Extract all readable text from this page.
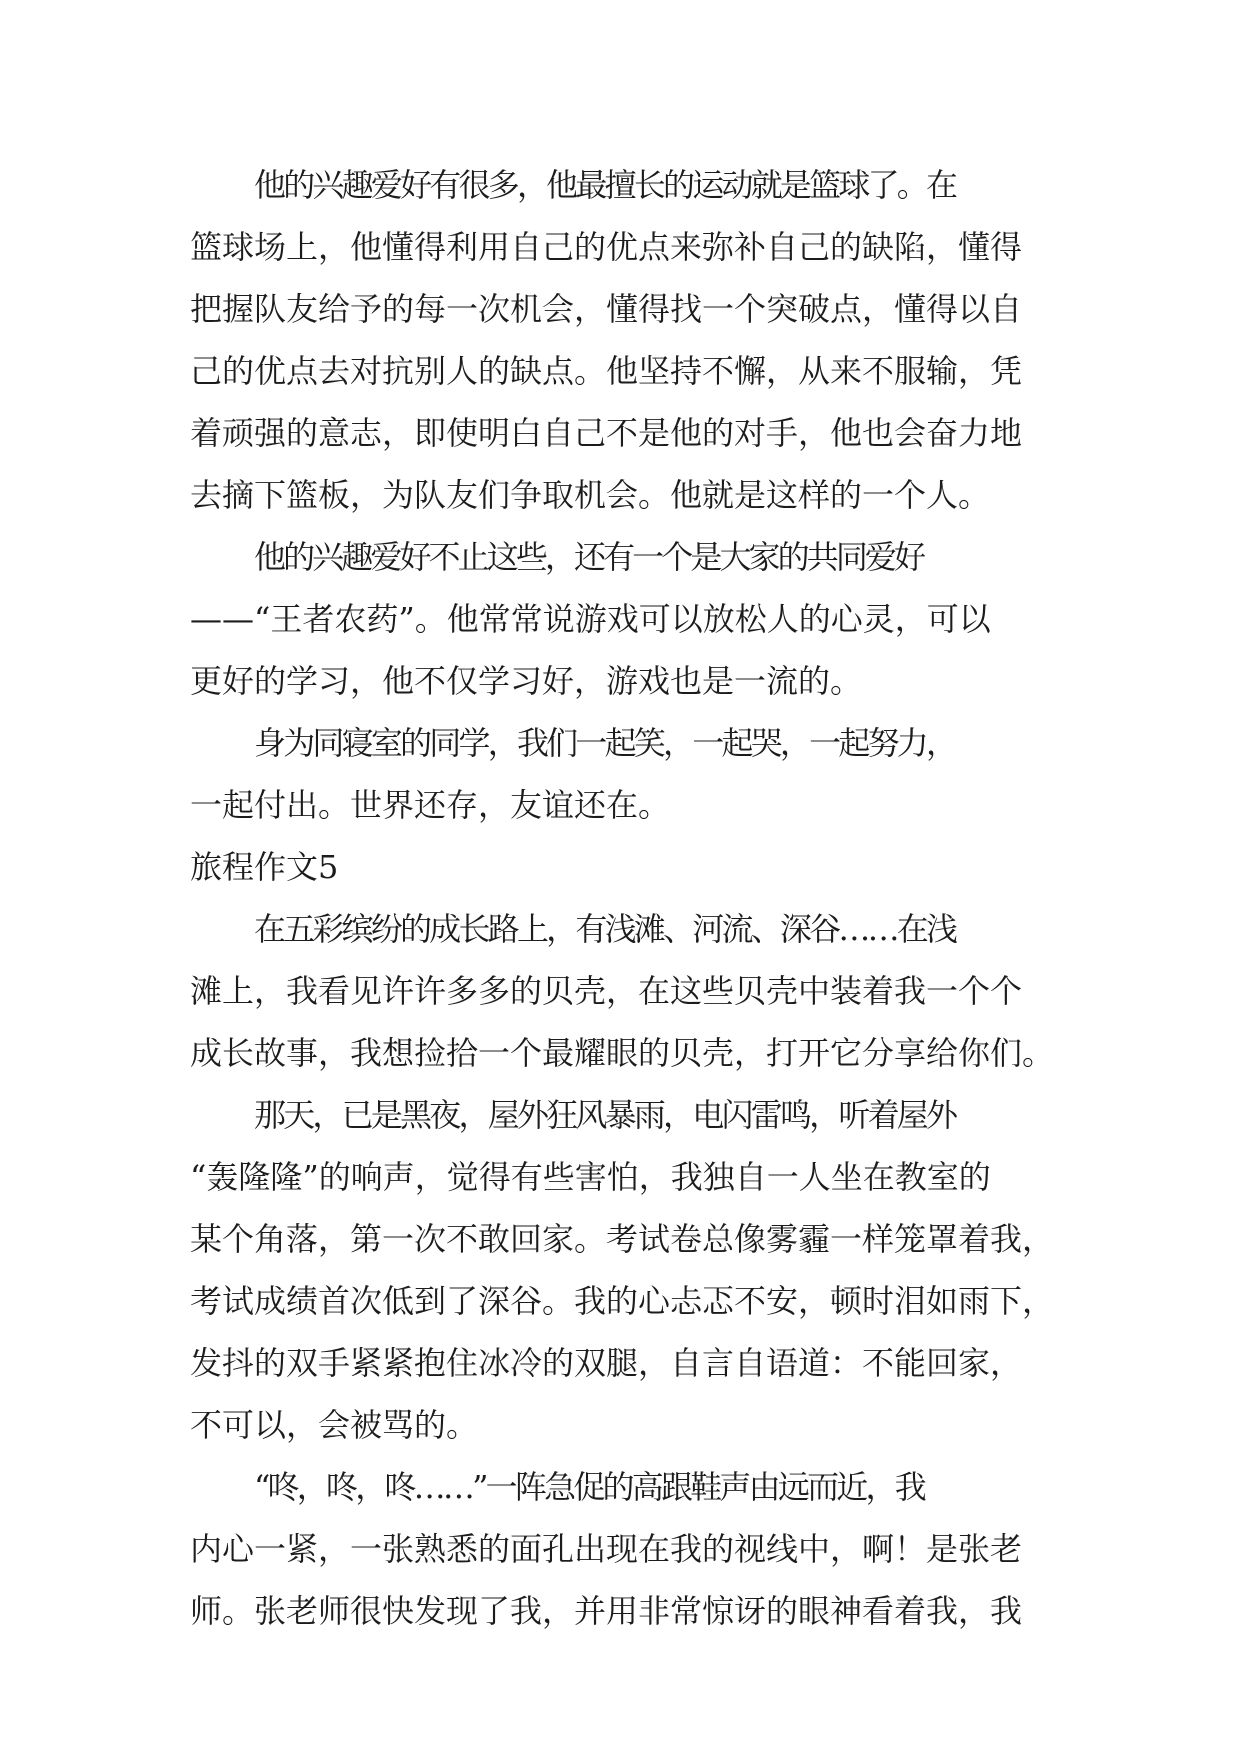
他的兴趣爱好有很多，他最擅长的运动就是篮球了。在
篮球场上，他懂得利用自己的优点来弥补自己的缺陷，懂得
把握队友给予的每一次机会，懂得找一个突破点，懂得以自
己的优点去对抗别人的缺点。他坚持不懈，从来不服输，凭
着顽强的意志，即使明白自己不是他的对手，他也会奋力地
去摘下篮板，为队友们争取机会。他就是这样的一个人。
他的兴趣爱好不止这些，还有一个是大家的共同爱好
——“王者农药”。他常常说游戏可以放松人的心灵，可以
更好的学习，他不仅学习好，游戏也是一流的。
身为同寝室的同学，我们一起笑，一起哭，一起努力，
一起付出。世界还存，友谊还在。
旅程作文5
在五彩缤纷的成长路上，有浅滩、河流、深谷……在浅
滩上，我看见许许多多的贝壳，在这些贝壳中装着我一个个
成长故事，我想捡拾一个最耀眼的贝壳，打开它分享给你们。
那天，已是黑夜，屋外狂风暴雨，电闪雷鸣，听着屋外
“轰隆隆”的响声，觉得有些害怕，我独自一人坐在教室的
某个角落，第一次不敢回家。考试卷总像雾霾一样笼罩着我，
考试成绩首次低到了深谷。我的心忐忑不安，顿时泪如雨下，
发抖的双手紧紧抱住冰冷的双腿，自言自语道：不能回家，
不可以，会被骂的。
“咚，咚，咚……”一阵急促的高跟鞋声由远而近，我
内心一紧，一张熟悉的面孔出现在我的视线中，啊！是张老
师。张老师很快发现了我，并用非常惊讶的眼神看着我，我
